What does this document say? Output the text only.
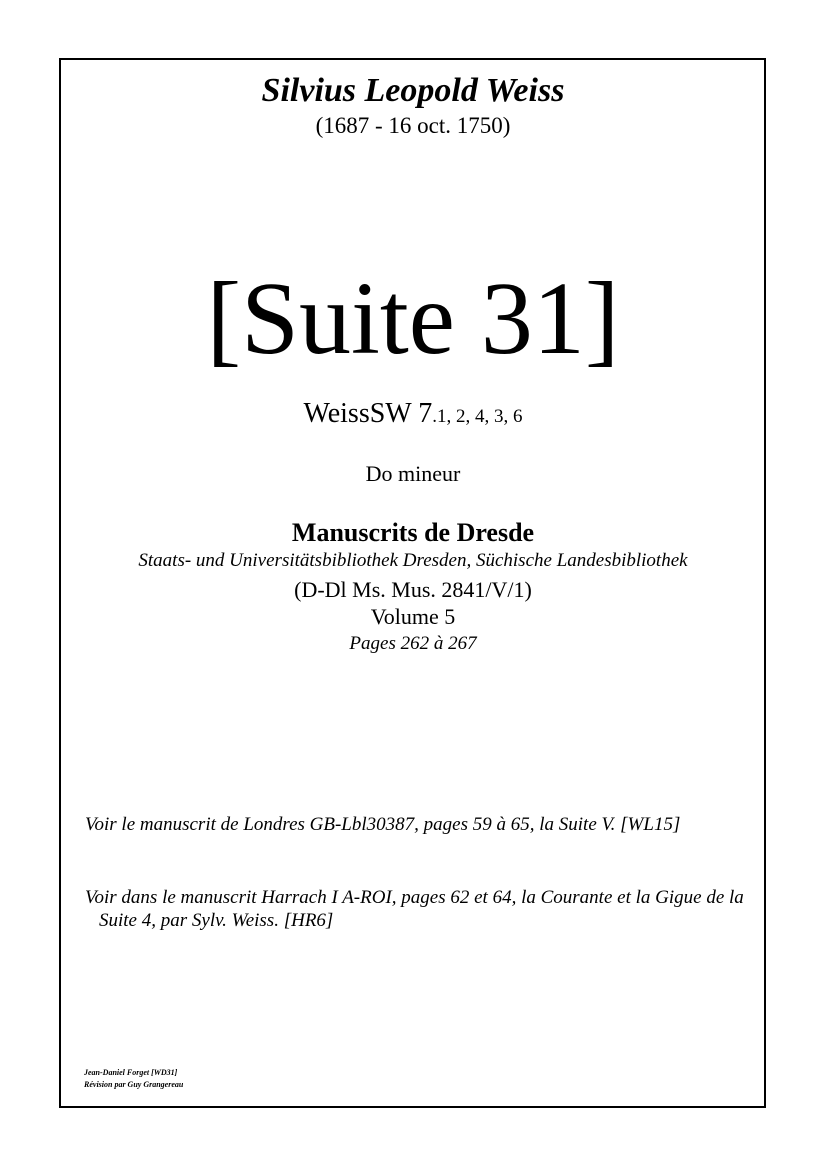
Silvius Leopold Weiss
(1687 - 16 oct. 1750)
[Suite 31]
WeissSW 7.1, 2, 4, 3, 6
Do mineur
Manuscrits de Dresde
Staats- und Universitätsbibliothek Dresden, Süchische Landesbibliothek
(D-Dl Ms. Mus. 2841/V/1)
Volume 5
Pages 262 à 267
Voir le manuscrit de Londres GB-Lbl30387, pages 59 à 65, la Suite V. [WL15]
Voir dans le manuscrit Harrach I A-ROI, pages 62 et 64, la Courante et la Gigue de la Suite 4, par Sylv. Weiss. [HR6]
Jean-Daniel Forget [WD31]
Révision par Guy Grangereau
